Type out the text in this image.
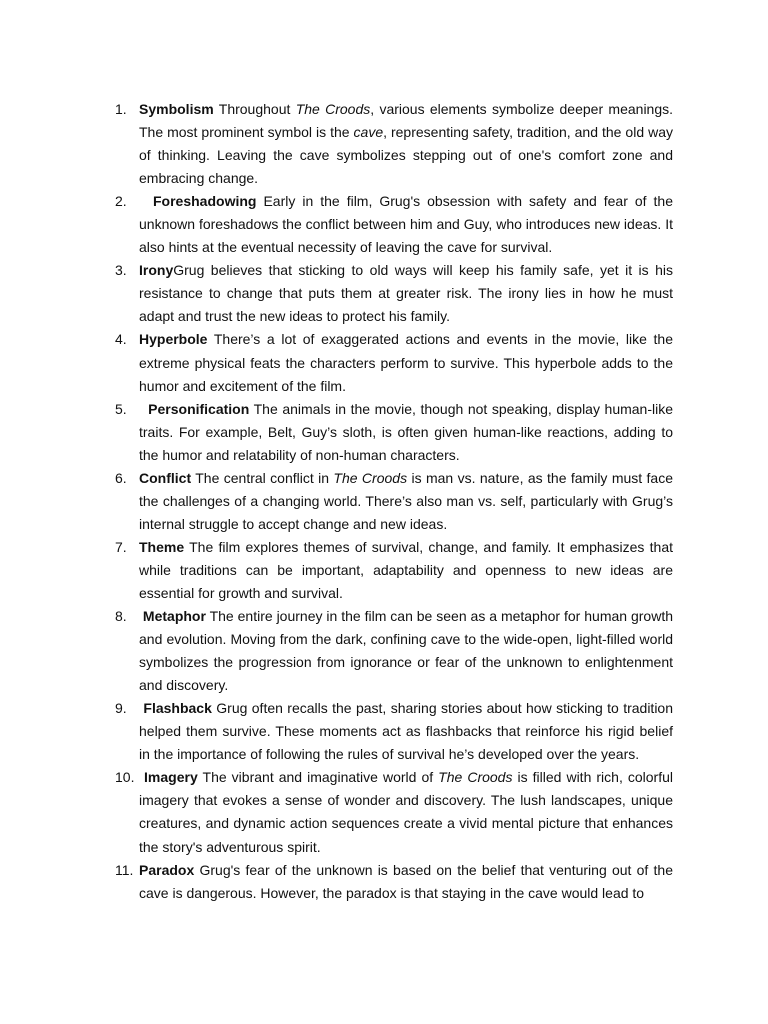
1. Symbolism Throughout The Croods, various elements symbolize deeper meanings. The most prominent symbol is the cave, representing safety, tradition, and the old way of thinking. Leaving the cave symbolizes stepping out of one's comfort zone and embracing change.
2.	Foreshadowing Early in the film, Grug's obsession with safety and fear of the unknown foreshadows the conflict between him and Guy, who introduces new ideas. It also hints at the eventual necessity of leaving the cave for survival.
3. IronyGrug believes that sticking to old ways will keep his family safe, yet it is his resistance to change that puts them at greater risk. The irony lies in how he must adapt and trust the new ideas to protect his family.
4. Hyperbole There’s a lot of exaggerated actions and events in the movie, like the extreme physical feats the characters perform to survive. This hyperbole adds to the humor and excitement of the film.
5.	Personification The animals in the movie, though not speaking, display human-like traits. For example, Belt, Guy’s sloth, is often given human-like reactions, adding to the humor and relatability of non-human characters.
6. Conflict The central conflict in The Croods is man vs. nature, as the family must face the challenges of a changing world. There’s also man vs. self, particularly with Grug’s internal struggle to accept change and new ideas.
7. Theme The film explores themes of survival, change, and family. It emphasizes that while traditions can be important, adaptability and openness to new ideas are essential for growth and survival.
8. Metaphor The entire journey in the film can be seen as a metaphor for human growth and evolution. Moving from the dark, confining cave to the wide-open, light-filled world symbolizes the progression from ignorance or fear of the unknown to enlightenment and discovery.
9.	Flashback Grug often recalls the past, sharing stories about how sticking to tradition helped them survive. These moments act as flashbacks that reinforce his rigid belief in the importance of following the rules of survival he’s developed over the years.
10. Imagery The vibrant and imaginative world of The Croods is filled with rich, colorful imagery that evokes a sense of wonder and discovery. The lush landscapes, unique creatures, and dynamic action sequences create a vivid mental picture that enhances the story's adventurous spirit.
11. Paradox Grug's fear of the unknown is based on the belief that venturing out of the cave is dangerous. However, the paradox is that staying in the cave would lead to
